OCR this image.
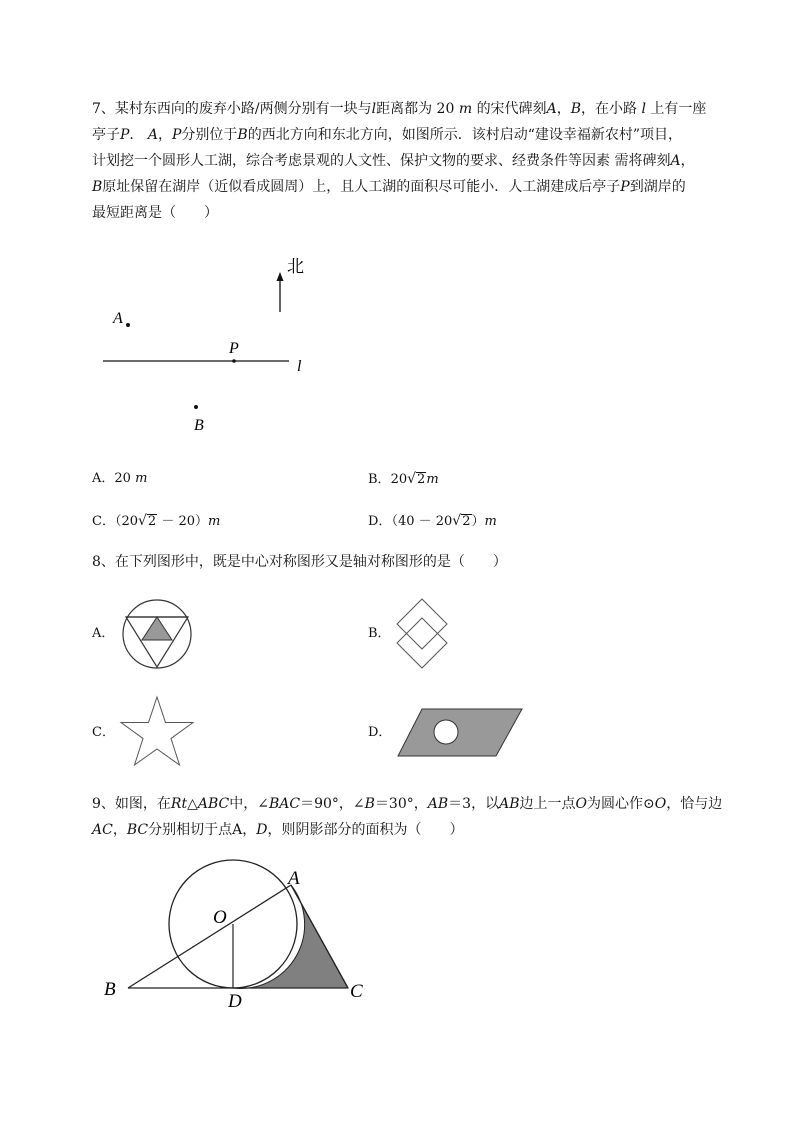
7、某村东西向的废弃小路/两侧分别有一块与l距离都为 20 m 的宋代碑刻A，B，在小路 l 上有一座

亭子P． A，P分别位于B的西北方向和东北方向，如图所示．该村启动“建设幸福新农村”项目，

计划挖一个圆形人工湖，综合考虑景观的人文性、保护文物的要求、经费条件等因素 需将碑刻A，

B原址保留在湖岸（近似看成圆周）上，且人工湖的面积尽可能小．人工湖建成后亭子P到湖岸的

最短距离是（　　）

北
A
P
l
B
A．20 m	B．20√2m
C．（20√2 － 20）m	D．（40 － 20√2）m

8、在下列图形中，既是中心对称图形又是轴对称图形的是（　　）

A．	B．
C．	D．

9、如图，在Rt△ABC中，∠BAC＝90°，∠B＝30°，AB＝3，以AB边上一点O为圆心作⊙O，恰与边

AC，BC分别相切于点A，D，则阴影部分的面积为（　　）

A
O
B
D	C
